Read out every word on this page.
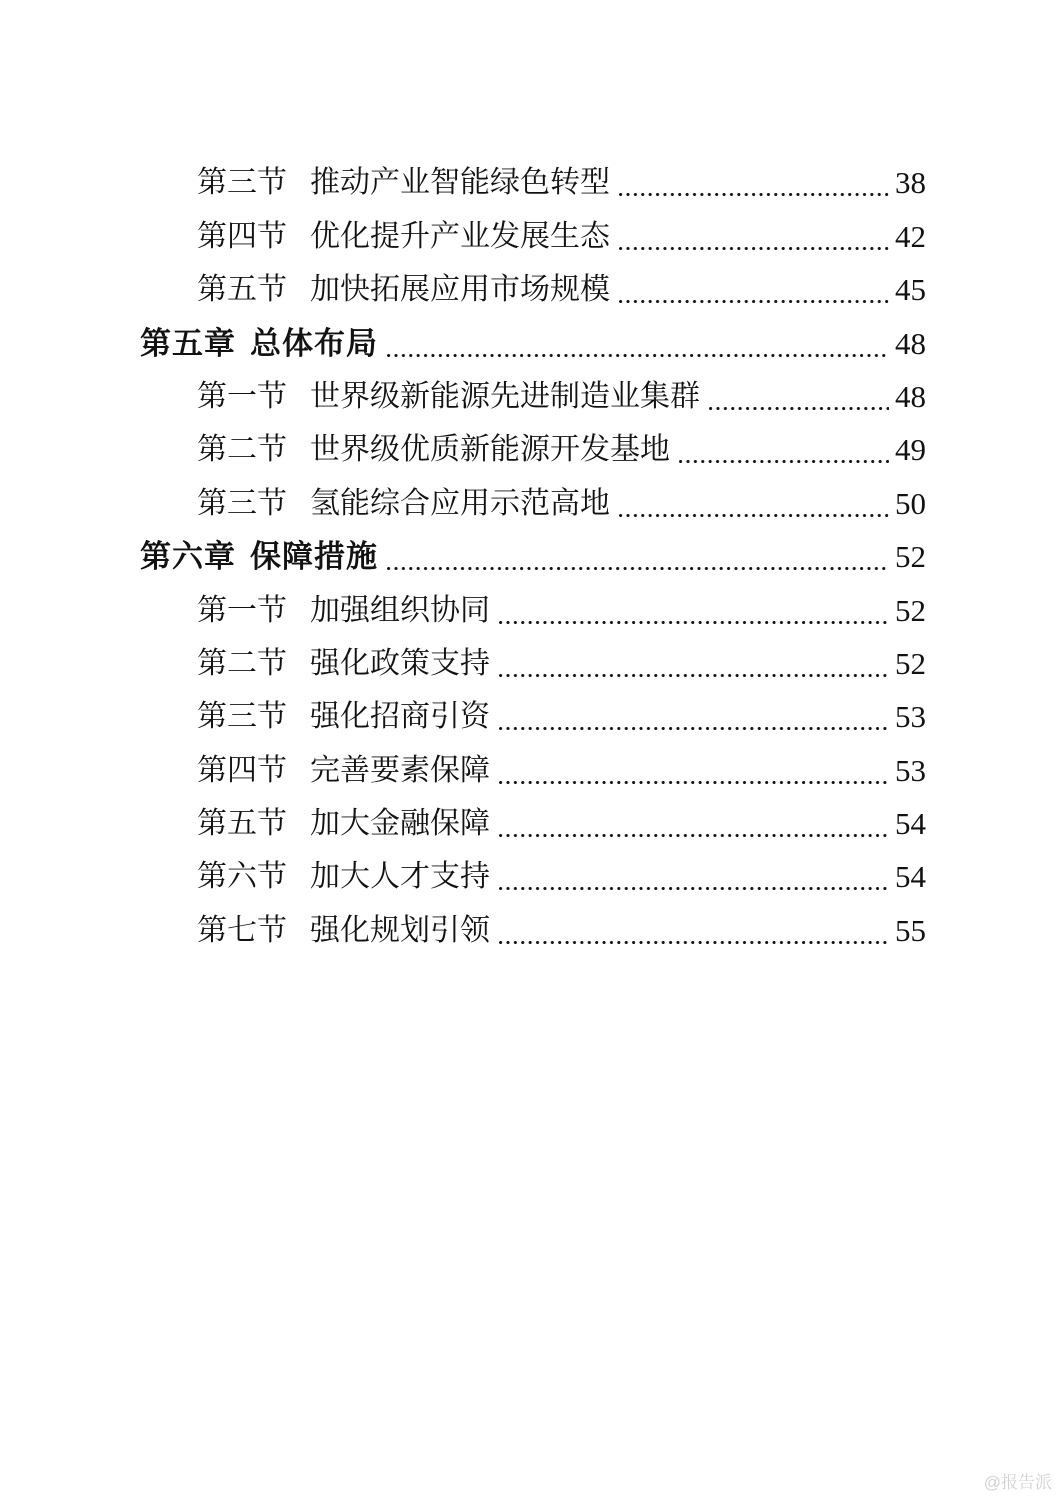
第三节 推动产业智能绿色转型	38
第四节 优化提升产业发展生态	42
第五节 加快拓展应用市场规模	45
第五章 总体布局	48
第一节 世界级新能源先进制造业集群	48
第二节 世界级优质新能源开发基地	49
第三节 氢能综合应用示范高地	50
第六章 保障措施	52
第一节 加强组织协同	52
第二节 强化政策支持	52
第三节 强化招商引资	53
第四节 完善要素保障	53
第五节 加大金融保障	54
第六节 加大人才支持	54
第七节 强化规划引领	55
@报告派
